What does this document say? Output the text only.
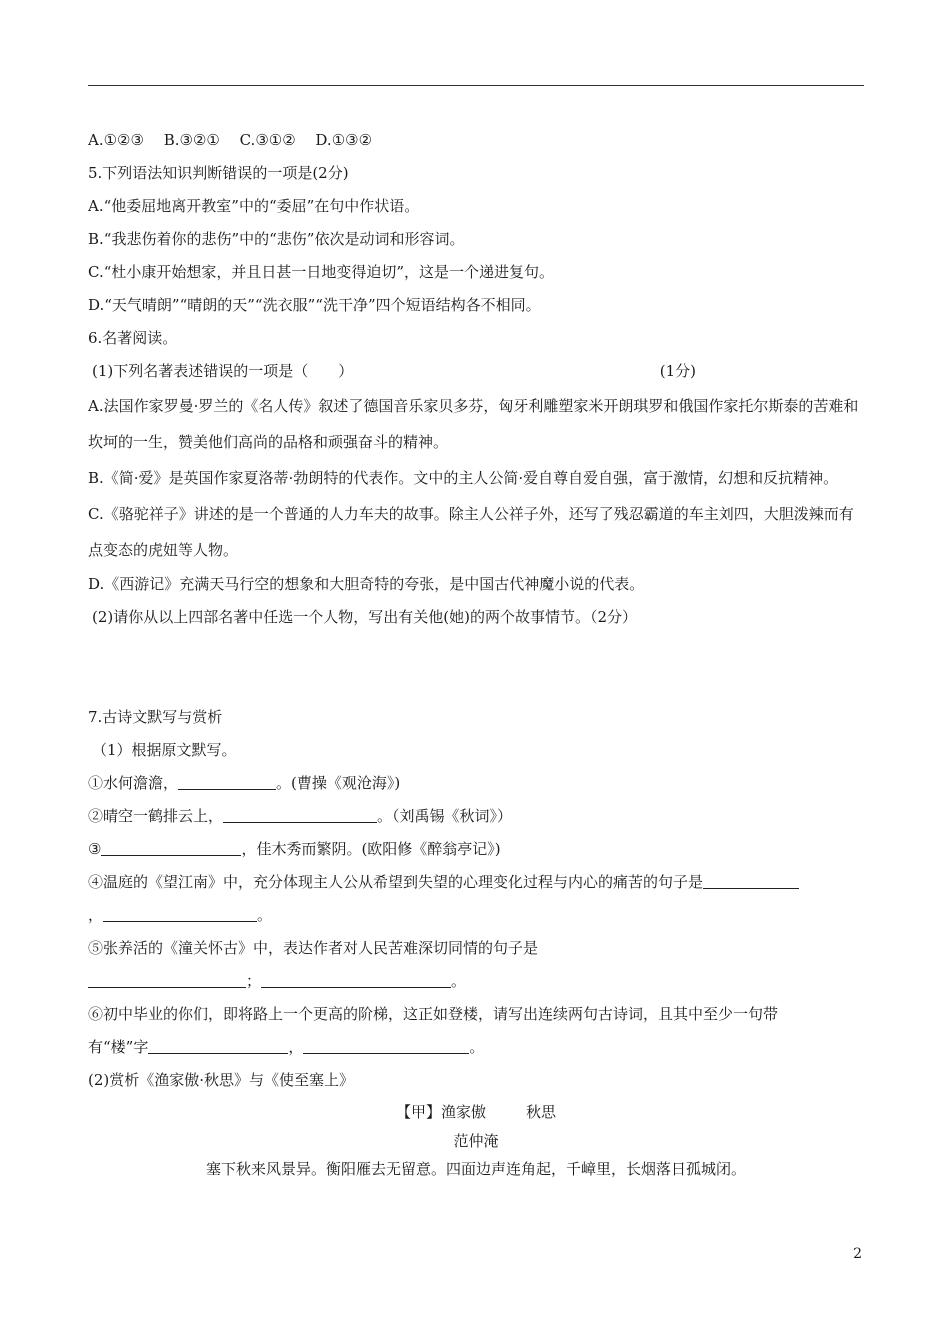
A.①②③　 B.③②①　 C.③①②　 D.①③②
5.下列语法知识判断错误的一项是(2分)
A.“他委屈地离开教室”中的“委屈”在句中作状语。
B.“我悲伤着你的悲伤”中的“悲伤”依次是动词和形容词。
C.“杜小康开始想家，并且日甚一日地变得迫切”，这是一个递进复句。
D.“天气晴朗”“晴朗的天”“洗衣服”“洗干净”四个短语结构各不相同。
6.名著阅读。
(1)下列名著表述错误的一项是（　　）	(1分)
A.法国作家罗曼·罗兰的《名人传》叙述了德国音乐家贝多芬，匈牙利雕塑家米开朗琪罗和俄国作家托尔斯泰的苦难和坎坷的一生，赞美他们高尚的品格和顽强奋斗的精神。
B.《简·爱》是英国作家夏洛蒂·勃朗特的代表作。文中的主人公简·爱自尊自爱自强，富于激情，幻想和反抗精神。
C.《骆驼祥子》讲述的是一个普通的人力车夫的故事。除主人公祥子外，还写了残忍霸道的车主刘四，大胆泼辣而有点变态的虎妞等人物。
D.《西游记》充满天马行空的想象和大胆奇特的夸张，是中国古代神魔小说的代表。
(2)请你从以上四部名著中任选一个人物，写出有关他(她)的两个故事情节。（2分）
7.古诗文默写与赏析
（1）根据原文默写。
①水何澹澹，	。(曹操《观沧海》)
②晴空一鹤排云上，	。（刘禹锡《秋词》）
③	，佳木秀而繁阴。(欧阳修《醉翁亭记》)
④温庭的《望江南》中，充分体现主人公从希望到失望的心理变化过程与内心的痛苦的句子是
，	。
⑤张养活的《潼关怀古》中，表达作者对人民苦难深切同情的句子是
；	。
⑥初中毕业的你们，即将路上一个更高的阶梯，这正如登楼，请写出连续两句古诗词，且其中至少一句带
有“楼”字	，	。
(2)赏析《渔家傲·秋思》与《使至塞上》
【甲】渔家傲	秋思
范仲淹
塞下秋来风景异。衡阳雁去无留意。四面边声连角起，千嶂里，长烟落日孤城闭。
2
